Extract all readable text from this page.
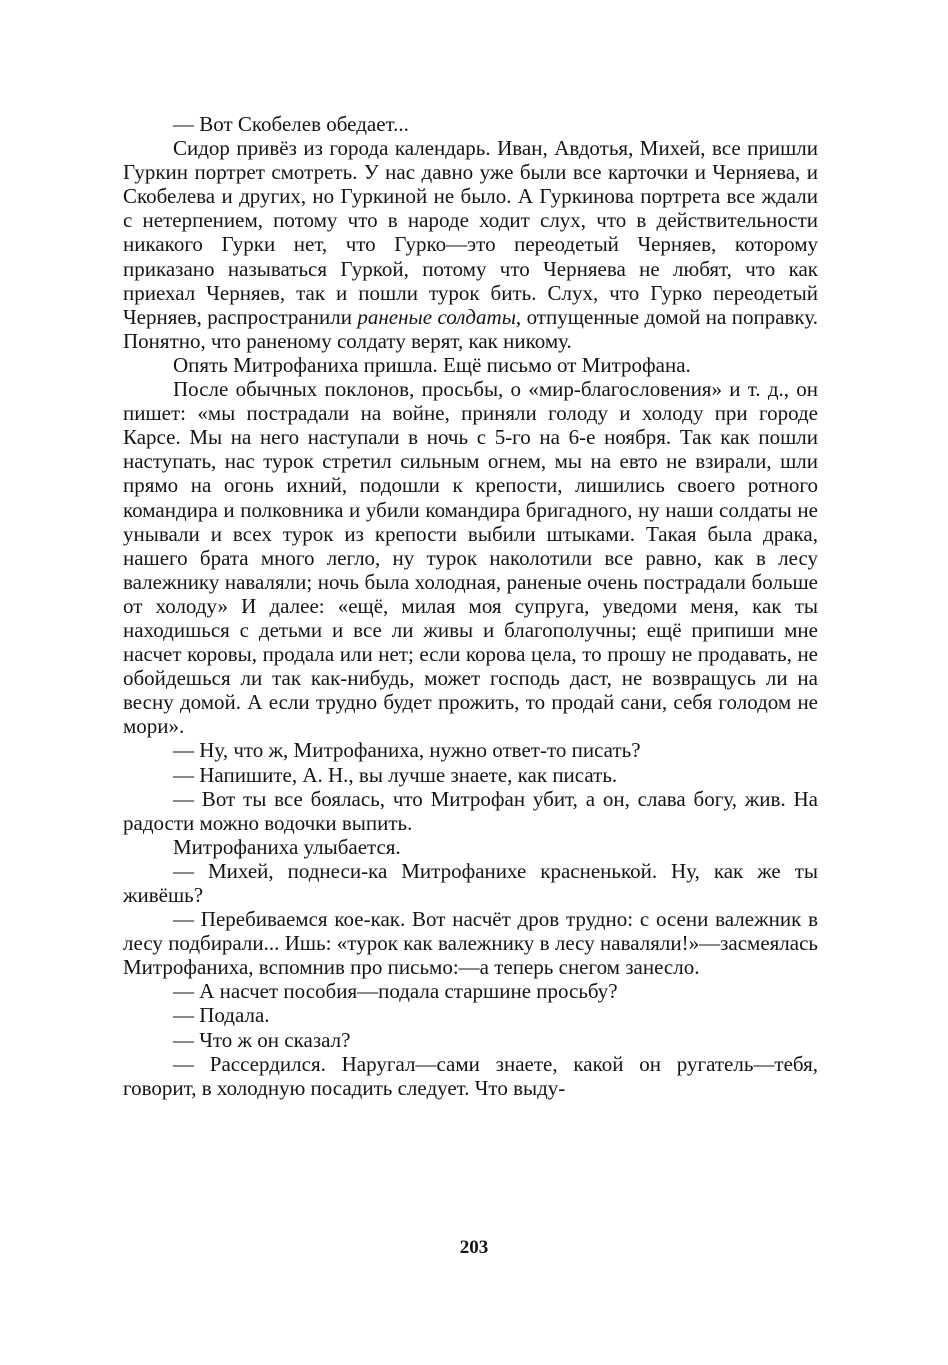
— Вот Скобелев обедает...

Сидор привёз из города календарь. Иван, Авдотья, Михей, все пришли Гуркин портрет смотреть. У нас давно уже были все карточки и Черняева, и Скобелева и других, но Гуркиной не было. А Гуркинова портрета все ждали с нетерпением, потому что в народе ходит слух, что в действительности никакого Гурки нет, что Гурко—это переодетый Черняев, которому приказано называться Гуркой, потому что Черняева не любят, что как приехал Черняев, так и пошли турок бить. Слух, что Гурко переодетый Черняев, распространили раненые солдаты, отпущенные домой на поправку. Понятно, что раненому солдату верят, как никому.

Опять Митрофаниха пришла. Ещё письмо от Митрофана.

После обычных поклонов, просьбы, о «мир-благословения» и т. д., он пишет: «мы пострадали на войне, приняли голоду и холоду при городе Карсе. Мы на него наступали в ночь с 5-го на 6-е ноября. Так как пошли наступать, нас турок стретил сильным огнем, мы на евто не взирали, шли прямо на огонь ихний, подошли к крепости, лишились своего ротного командира и полковника и убили командира бригадного, ну наши солдаты не унывали и всех турок из крепости выбили штыками. Такая была драка, нашего брата много легло, ну турок наколотили все равно, как в лесу валежнику наваляли; ночь была холодная, раненые очень пострадали больше от холоду» И далее: «ещё, милая моя супруга, уведоми меня, как ты находишься с детьми и все ли живы и благополучны; ещё припиши мне насчет коровы, продала или нет; если корова цела, то прошу не продавать, не обойдешься ли так как-нибудь, может господь даст, не возвращусь ли на весну домой. А если трудно будет прожить, то продай сани, себя голодом не мори».

— Ну, что ж, Митрофаниха, нужно ответ-то писать?

— Напишите, А. Н., вы лучше знаете, как писать.

— Вот ты все боялась, что Митрофан убит, а он, слава богу, жив. На радости можно водочки выпить.

Митрофаниха улыбается.

— Михей, поднеси-ка Митрофанихе красненькой. Ну, как же ты живёшь?

— Перебиваемся кое-как. Вот насчёт дров трудно: с осени валежник в лесу подбирали... Ишь: «турок как валежнику в лесу наваляли!»—засмеялась Митрофаниха, вспомнив про письмо:—а теперь снегом занесло.

— А насчет пособия—подала старшине просьбу?

— Подала.

— Что ж он сказал?

— Рассердился. Наругал—сами знаете, какой он ругатель—тебя, говорит, в холодную посадить следует. Что выду-

203
